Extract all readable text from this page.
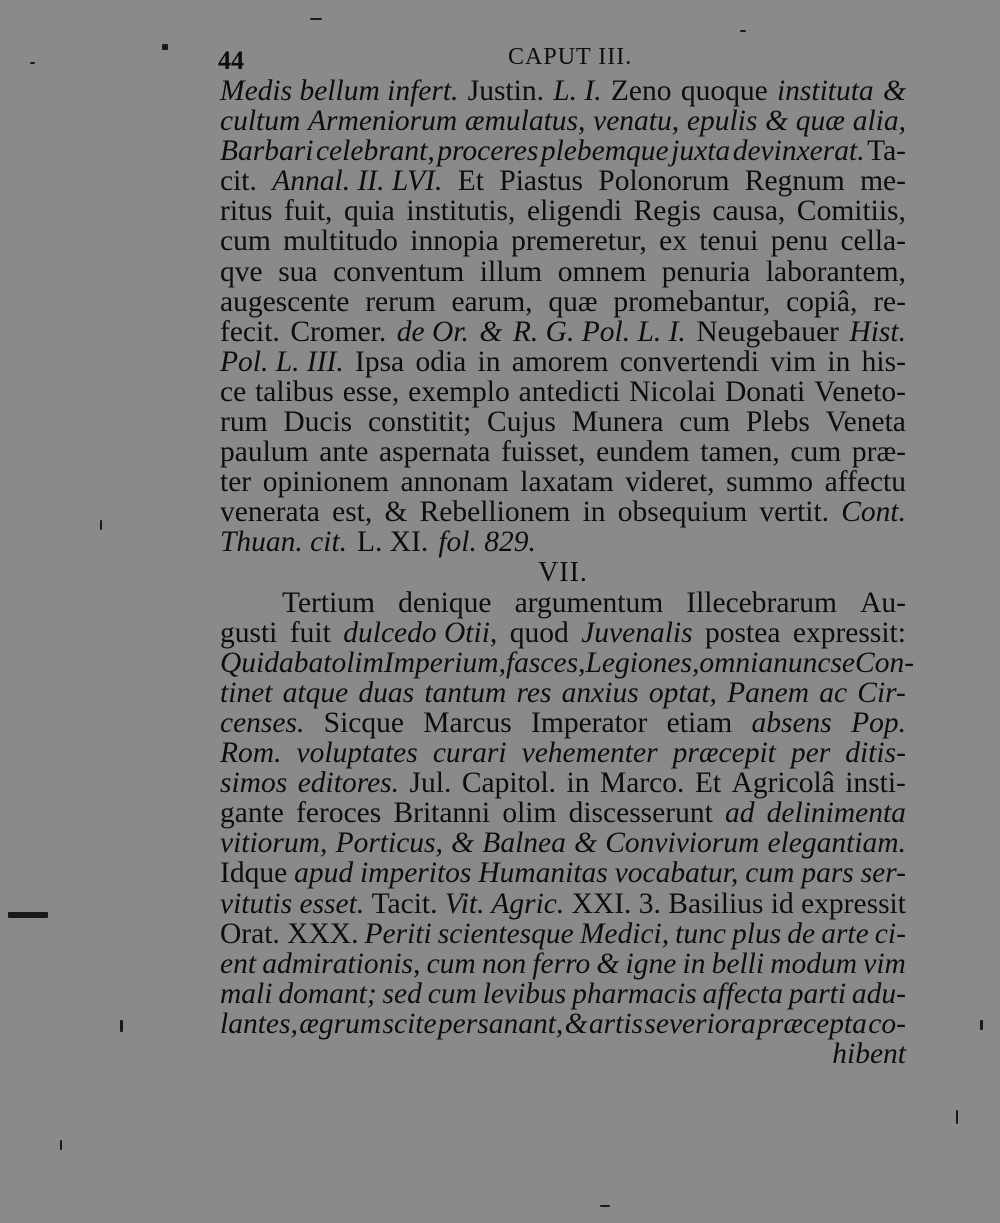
44	CAPUT III.
Medis bellum infert. Justin. L. I. Zeno quoque instituta &
cultum Armeniorum æmulatus, venatu, epulis & quæ alia,
Barbari celebrant, proceres plebemque juxta devinxerat. Ta-
cit. Annal. II. LVI. Et Piastus Polonorum Regnum me-
ritus fuit, quia institutis, eligendi Regis causa, Comitiis,
cum multitudo innopia premeretur, ex tenui penu cella-
qve sua conventum illum omnem penuria laborantem,
augescente rerum earum, quæ promebantur, copiâ, re-
fecit. Cromer. de Or. & R. G. Pol. L. I. Neugebauer Hist.
Pol. L. III. Ipsa odia in amorem convertendi vim in his-
ce talibus esse, exemplo antedicti Nicolai Donati Veneto-
rum Ducis constitit; Cujus Munera cum Plebs Veneta
paulum ante aspernata fuisset, eundem tamen, cum præ-
ter opinionem annonam laxatam videret, summo affectu
venerata est, & Rebellionem in obsequium vertit. Cont.
Thuan. cit. L. XI. fol. 829.
VII.
Tertium denique argumentum Illecebrarum Au-
gusti fuit dulcedo Otii, quod Juvenalis postea expressit:
Qui dabat olim Imperium, fasces, Legiones, omnia nunc se Con-
tinet atque duas tantum res anxius optat, Panem ac Cir-
censes. Sicque Marcus Imperator etiam absens Pop.
Rom. voluptates curari vehementer præcepit per ditis-
simos editores. Jul. Capitol. in Marco. Et Agricolâ insti-
gante feroces Britanni olim discesserunt ad delinimenta
vitiorum, Porticus, & Balnea & Conviviorum elegantiam.
Idque apud imperitos Humanitas vocabatur, cum pars ser-
vitutis esset. Tacit. Vit. Agric. XXI. 3. Basilius id expressit
Orat. XXX. Periti scientesque Medici, tunc plus de arte ci-
ent admirationis, cum non ferro & igne in belli modum vim
mali domant; sed cum levibus pharmacis affecta parti adu-
lantes, ægrum scite persanant, & artis severiora præcepta co-
hibent
